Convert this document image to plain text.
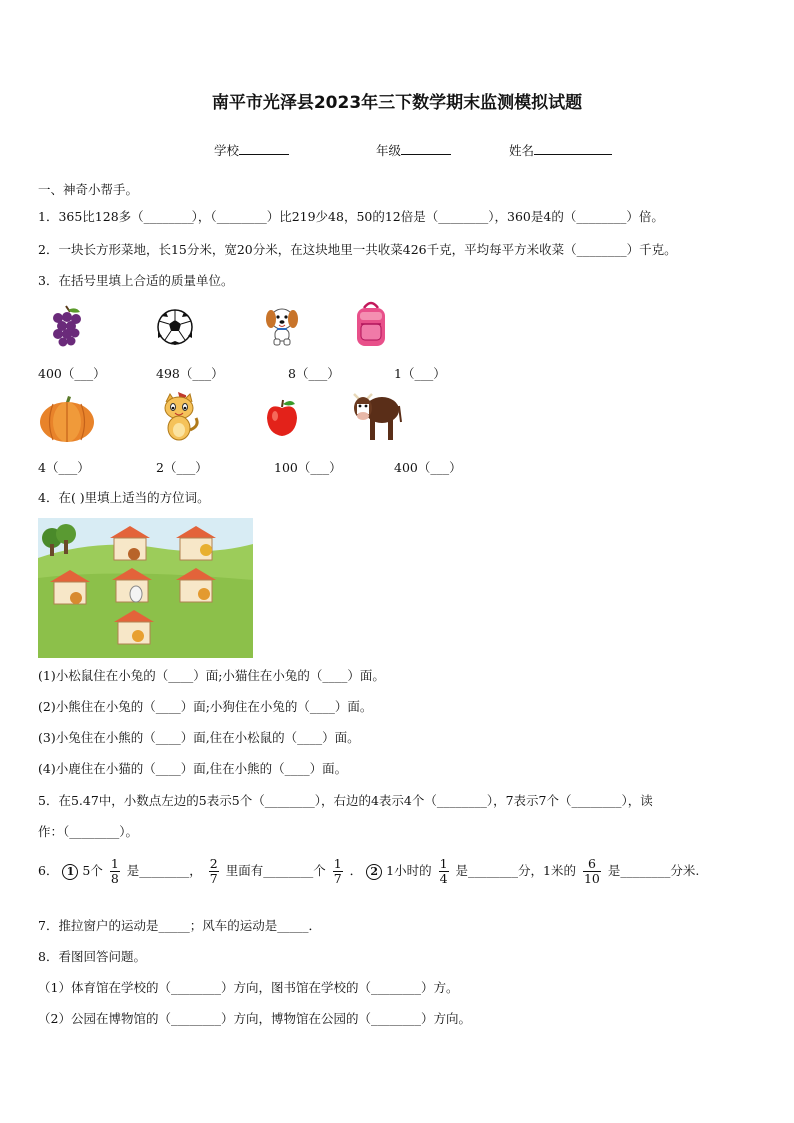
南平市光泽县2023年三下数学期末监测模拟试题
学校	年级	姓名
一、神奇小帮手。
1．365比128多（________），（________）比219少48，50的12倍是（________），360是4的（________）倍。
2．一块长方形菜地，长15分米，宽20分米，在这块地里一共收菜426千克，平均每平方米收菜（________）千克。
3．在括号里填上合适的质量单位。
400（___）	498（___）	8（___）	1（___）
4（___）	2（___）	100（___）	400（___）
4．在( )里填上适当的方位词。
(1)小松鼠住在小兔的（____）面;小猫住在小兔的（____）面。
(2)小熊住在小兔的（____）面;小狗住在小兔的（____）面。
(3)小兔住在小熊的（____）面,住在小松鼠的（____）面。
(4)小鹿住在小猫的（____）面,住在小熊的（____）面。
5．在5.47中，小数点左边的5表示5个（________），右边的4表示4个（________），7表示7个（________），读
作：（________）。
6． 1 5个 $\frac{1}{8}$ 是________， $\frac{2}{7}$ 里面有________个 $\frac{1}{7}$ ． 2 1小时的 $\frac{1}{4}$ 是________分，1米的 $\frac{6}{10}$ 是________分米.
7．推拉窗户的运动是_____；风车的运动是_____．
8．看图回答问题。
（1）体育馆在学校的（________）方向，图书馆在学校的（________）方。
（2）公园在博物馆的（________）方向，博物馆在公园的（________）方向。
